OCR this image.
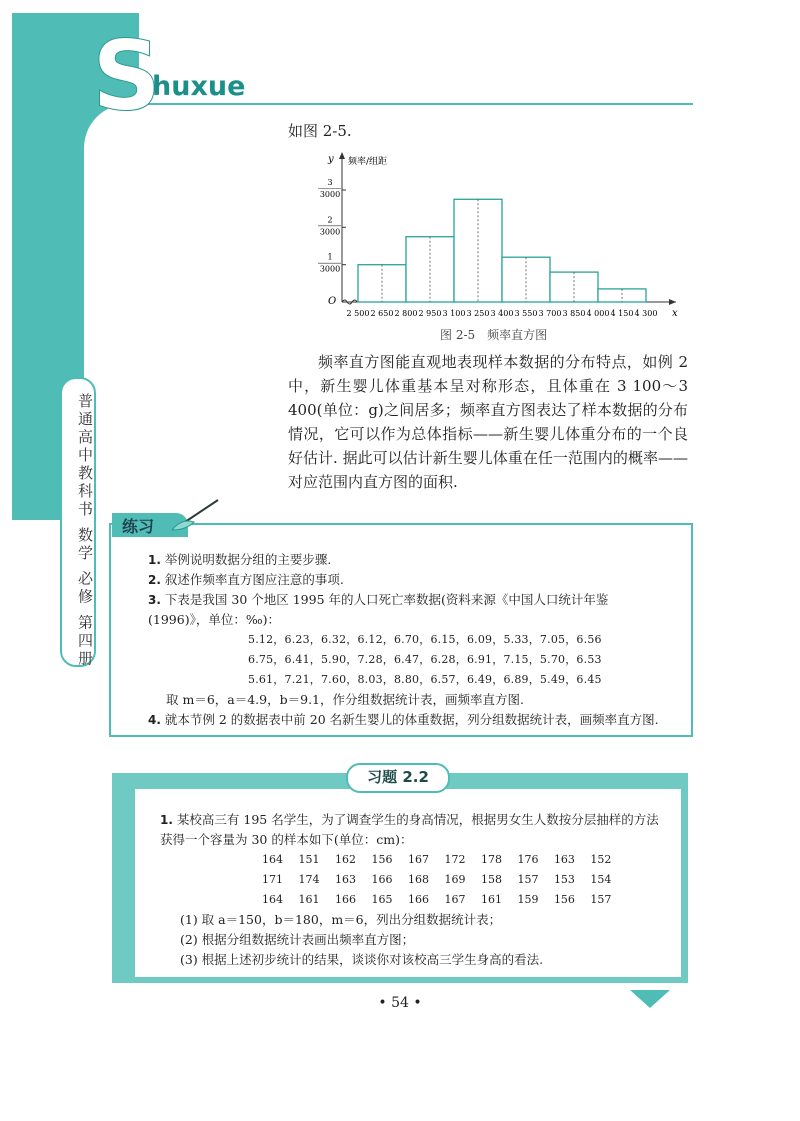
S
huxue
普通高中教科书 数学 必修 第四册
如图 2-5.
1
3000
2
3000
3
3000
2 500 2 650 2 800 2 950 3 100 3 250 3 400 3 550 3 700 3 850 4 000 4 150 4 300
频率/组距
y
x
O
图 2-5　频率直方图
频率直方图能直观地表现样本数据的分布特点，如例 2 中，新生婴儿体重基本呈对称形态，且体重在 3 100～3 400(单位：g)之间居多；频率直方图表达了样本数据的分布情况，它可以作为总体指标——新生婴儿体重分布的一个良好估计. 据此可以估计新生婴儿体重在任一范围内的概率——对应范围内直方图的面积.
练习
1. 举例说明数据分组的主要步骤.
2. 叙述作频率直方图应注意的事项.
3. 下表是我国 30 个地区 1995 年的人口死亡率数据(资料来源《中国人口统计年鉴(1996)》，单位：‰)：
5.12，6.23，6.32，6.12，6.70，6.15，6.09，5.33，7.05，6.56
6.75，6.41，5.90，7.28，6.47，6.28，6.91，7.15，5.70，6.53
5.61，7.21，7.60，8.03，8.80，6.57，6.49，6.89，5.49，6.45
取 m＝6，a＝4.9，b＝9.1，作分组数据统计表，画频率直方图.
4. 就本节例 2 的数据表中前 20 名新生婴儿的体重数据，列分组数据统计表，画频率直方图.
习题 2.2
1. 某校高三有 195 名学生，为了调查学生的身高情况，根据男女生人数按分层抽样的方法获得一个容量为 30 的样本如下(单位：cm)：
164 151 162 156 167 172 178 176 163 152
171 174 163 166 168 169 158 157 153 154
164 161 166 165 166 167 161 159 156 157
(1) 取 a＝150，b＝180，m＝6，列出分组数据统计表；
(2) 根据分组数据统计表画出频率直方图；
(3) 根据上述初步统计的结果，谈谈你对该校高三学生身高的看法.
• 54 •
